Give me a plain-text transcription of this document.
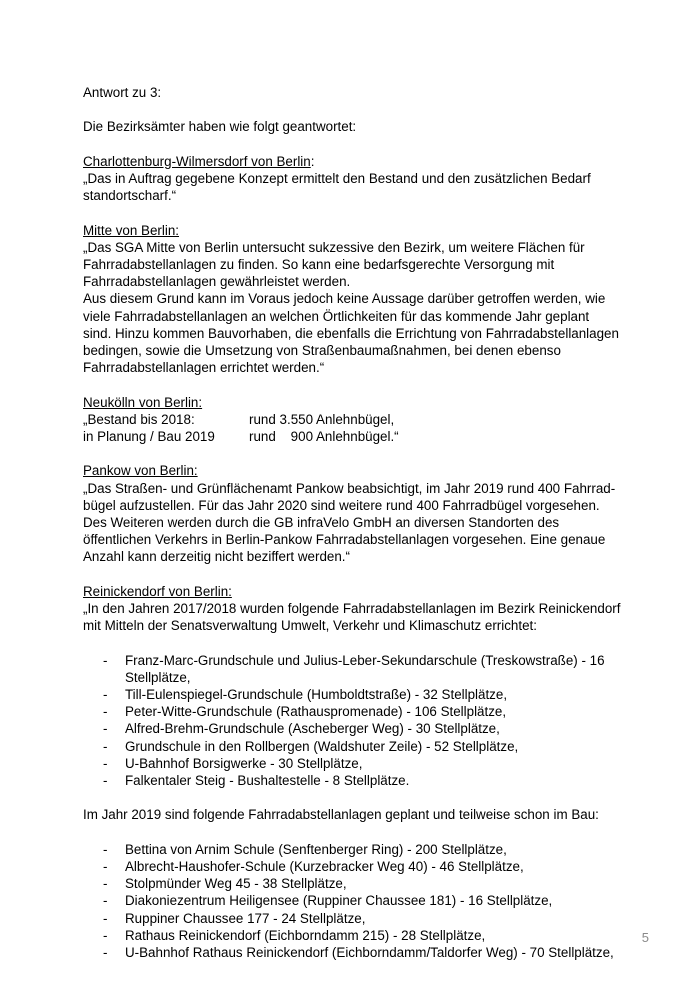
Antwort zu 3:

Die Bezirksämter haben wie folgt geantwortet:

Charlottenburg-Wilmersdorf von Berlin:

„Das in Auftrag gegebene Konzept ermittelt den Bestand und den zusätzlichen Bedarf

standortscharf.“

Mitte von Berlin:

„Das SGA Mitte von Berlin untersucht sukzessive den Bezirk, um weitere Flächen für

Fahrradabstellanlagen zu finden. So kann eine bedarfsgerechte Versorgung mit

Fahrradabstellanlagen gewährleistet werden.

Aus diesem Grund kann im Voraus jedoch keine Aussage darüber getroffen werden, wie

viele Fahrradabstellanlagen an welchen Örtlichkeiten für das kommende Jahr geplant

sind. Hinzu kommen Bauvorhaben, die ebenfalls die Errichtung von Fahrradabstellanlagen

bedingen, sowie die Umsetzung von Straßenbaumaßnahmen, bei denen ebenso

Fahrradabstellanlagen errichtet werden.“

Neukölln von Berlin:

„Bestand bis 2018:	rund 3.550 Anlehnbügel,
in Planung / Bau 2019	rund    900 Anlehnbügel.“

Pankow von Berlin:

„Das Straßen- und Grünflächenamt Pankow beabsichtigt, im Jahr 2019 rund 400 Fahrrad-

bügel aufzustellen. Für das Jahr 2020 sind weitere rund 400 Fahrradbügel vorgesehen.

Des Weiteren werden durch die GB infraVelo GmbH an diversen Standorten des

öffentlichen Verkehrs in Berlin-Pankow Fahrradabstellanlagen vorgesehen. Eine genaue

Anzahl kann derzeitig nicht beziffert werden.“

Reinickendorf von Berlin:

„In den Jahren 2017/2018 wurden folgende Fahrradabstellanlagen im Bezirk Reinickendorf

mit Mitteln der Senatsverwaltung Umwelt, Verkehr und Klimaschutz errichtet:

- Franz-Marc-Grundschule und Julius-Leber-Sekundarschule (Treskowstraße) - 16
Stellplätze,
- Till-Eulenspiegel-Grundschule (Humboldtstraße) - 32 Stellplätze,
- Peter-Witte-Grundschule (Rathauspromenade) - 106 Stellplätze,
- Alfred-Brehm-Grundschule (Ascheberger Weg) - 30 Stellplätze,
- Grundschule in den Rollbergen (Waldshuter Zeile) - 52 Stellplätze,
- U-Bahnhof Borsigwerke - 30 Stellplätze,
- Falkentaler Steig - Bushaltestelle - 8 Stellplätze.

Im Jahr 2019 sind folgende Fahrradabstellanlagen geplant und teilweise schon im Bau:

- Bettina von Arnim Schule (Senftenberger Ring) - 200 Stellplätze,
- Albrecht-Haushofer-Schule (Kurzebracker Weg 40) - 46 Stellplätze,
- Stolpmünder Weg 45 - 38 Stellplätze,
- Diakoniezentrum Heiligensee (Ruppiner Chaussee 181) - 16 Stellplätze,
- Ruppiner Chaussee 177 - 24 Stellplätze,
- Rathaus Reinickendorf (Eichborndamm 215) - 28 Stellplätze,
- U-Bahnhof Rathaus Reinickendorf (Eichborndamm/Taldorfer Weg) - 70 Stellplätze,
5
